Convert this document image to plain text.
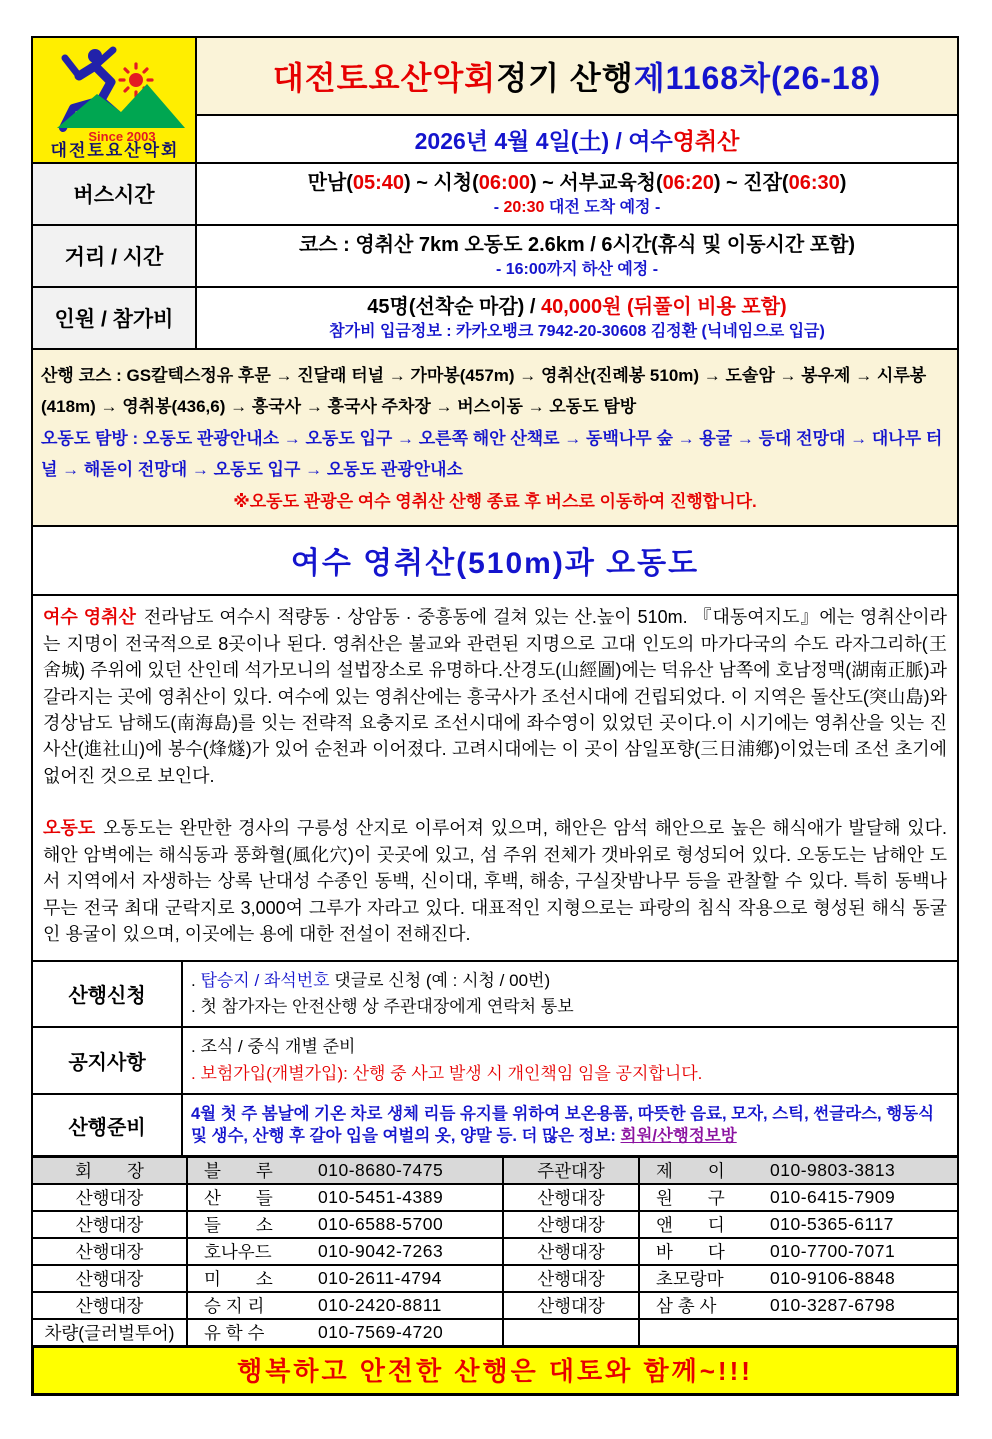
Since 2003
대전토요산악회
대전토요산악회 정기 산행 제1168차(26-18)
2026년 4월 4일(土) / 여수 영취산
버스시간
만남(05:40) ~ 시청(06:00) ~ 서부교육청(06:20) ~ 진잠(06:30)
- 20:30 대전 도착 예정 -
거리 / 시간
코스 : 영취산 7km 오동도 2.6km / 6시간(휴식 및 이동시간 포함)
- 16:00까지 하산 예정 -
인원 / 참가비
45명(선착순 마감) / 40,000원 (뒤풀이 비용 포함)
참가비 입금정보 : 카카오뱅크 7942-20-30608 김정환 (닉네임으로 입금)
산행 코스 : GS칼텍스정유 후문 → 진달래 터널 → 가마봉(457m) → 영취산(진례봉 510m) → 도솔암 → 봉우제 → 시루봉(418m) → 영취봉(436,6) → 흥국사 → 흥국사 주차장 → 버스이동 → 오동도 탐방
오동도 탐방 : 오동도 관광안내소 → 오동도 입구 → 오른쪽 해안 산책로 → 동백나무 숲 → 용굴 → 등대 전망대 → 대나무 터널 → 해돋이 전망대 → 오동도 입구 → 오동도 관광안내소
※오동도 관광은 여수 영취산 산행 종료 후 버스로 이동하여 진행합니다.
여수 영취산(510m)과 오동도

여수 영취산 전라남도 여수시 적량동 · 상암동 · 중흥동에 걸쳐 있는 산.높이 510m. 『대동여지도』에는 영취산이라는 지명이 전국적으로 8곳이나 된다. 영취산은 불교와 관련된 지명으로 고대 인도의 마가다국의 수도 라자그리하(王舍城) 주위에 있던 산인데 석가모니의 설법장소로 유명하다.산경도(山經圖)에는 덕유산 남쪽에 호남정맥(湖南正脈)과 갈라지는 곳에 영취산이 있다. 여수에 있는 영취산에는 흥국사가 조선시대에 건립되었다. 이 지역은 돌산도(突山島)와 경상남도 남해도(南海島)를 잇는 전략적 요충지로 조선시대에 좌수영이 있었던 곳이다.이 시기에는 영취산을 잇는 진사산(進社山)에 봉수(烽燧)가 있어 순천과 이어졌다. 고려시대에는 이 곳이 삼일포향(三日浦鄕)이었는데 조선 초기에 없어진 것으로 보인다.

오동도 오동도는 완만한 경사의 구릉성 산지로 이루어져 있으며, 해안은 암석 해안으로 높은 해식애가 발달해 있다. 해안 암벽에는 해식동과 풍화혈(風化穴)이 곳곳에 있고, 섬 주위 전체가 갯바위로 형성되어 있다. 오동도는 남해안 도서 지역에서 자생하는 상록 난대성 수종인 동백, 신이대, 후백, 해송, 구실잣밤나무 등을 관찰할 수 있다. 특히 동백나무는 전국 최대 군락지로 3,000여 그루가 자라고 있다. 대표적인 지형으로는 파랑의 침식 작용으로 형성된 해식 동굴인 용굴이 있으며, 이곳에는 용에 대한 전설이 전해진다.

산행신청
. 탑승지 / 좌석번호 댓글로 신청 (예 : 시청 / 00번)
. 첫 참가자는 안전산행 상 주관대장에게 연락처 통보
공지사항
. 조식 / 중식 개별 준비
. 보험가입(개별가입): 산행 중 사고 발생 시 개인책임 임을 공지합니다.
산행준비
4월 첫 주 봄날에 기온 차로 생체 리듬 유지를 위하여 보온용품, 따뜻한 음료, 모자, 스틱, 썬글라스, 행동식 및 생수, 산행 후 갈아 입을 여벌의 옷, 양말 등. 더 많은 정보: 회원/산행정보방
회　　장	블　　루	010-8680-7475	주관대장	제　　이	010-9803-3813
산행대장	산　　들	010-5451-4389	산행대장	원　　구	010-6415-7909
산행대장	들　　소	010-6588-5700	산행대장	앤　　디	010-5365-6117
산행대장	호나우드	010-9042-7263	산행대장	바　　다	010-7700-7071
산행대장	미　　소	010-2611-4794	산행대장	초모랑마	010-9106-8848
산행대장	승 지 리	010-2420-8811	산행대장	삼 총 사	010-3287-6798
차량(글러벌투어)	유 학 수	010-7569-4720
행복하고 안전한 산행은 대토와 함께~!!!
